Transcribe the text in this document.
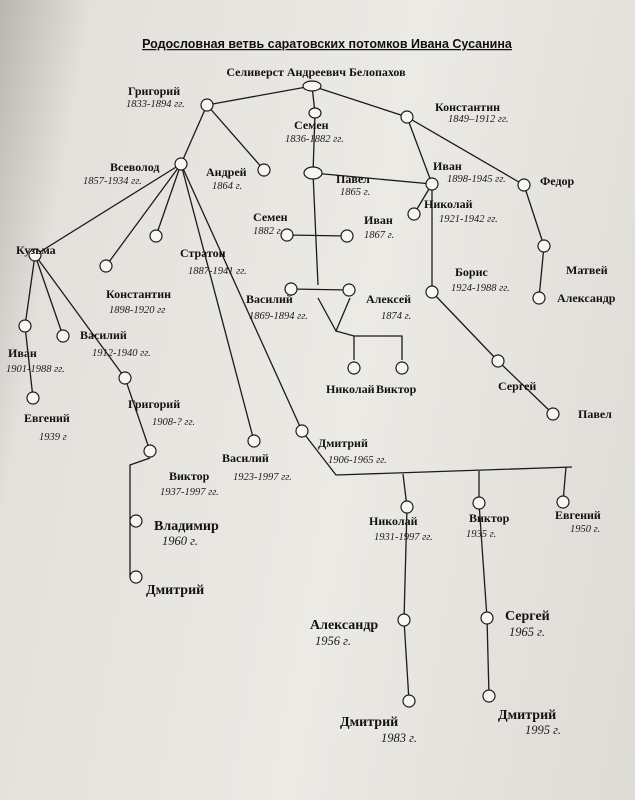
Родословная ветвь саратовских потомков Ивана Сусанина
Селиверст Андреевич Белопахов
Григорий
1833-1894 гг.
Семен
1836-1882 гг.
Константин
1849–1912 гг.
Всеволод
1857-1934 гг.
Андрей
1864 г.
Павел
1865 г.
Иван
1898-1945 гг.	Федор
Семен
1882 г.
Иван
1867 г.
Николай
1921-1942 гг.
Кузьма	Стратон
1887-1941 гг.
Константин
1898-1920 гг
Матвей
Борис
1924-1988 гг.
Александр
Василий
1869-1894 гг.
Алексей
1874 г.
Иван
1901-1988 гг.
Василий
1912-1940 гг.
Николай Виктор	Сергей
Павел
Евгений
1939 г
Григорий
1908-? гг.
Василий
1923-1997 гг.
Дмитрий
1906-1965 гг.
Виктор
1937-1997 гг.
Владимир
1960 г.
Дмитрий
Николай
1931-1997 гг.
Виктор
1935 г.
Евгений
1950 г.
Александр
1956 г.
Сергей
1965 г.
Дмитрий
1983 г.
Дмитрий
1995 г.
